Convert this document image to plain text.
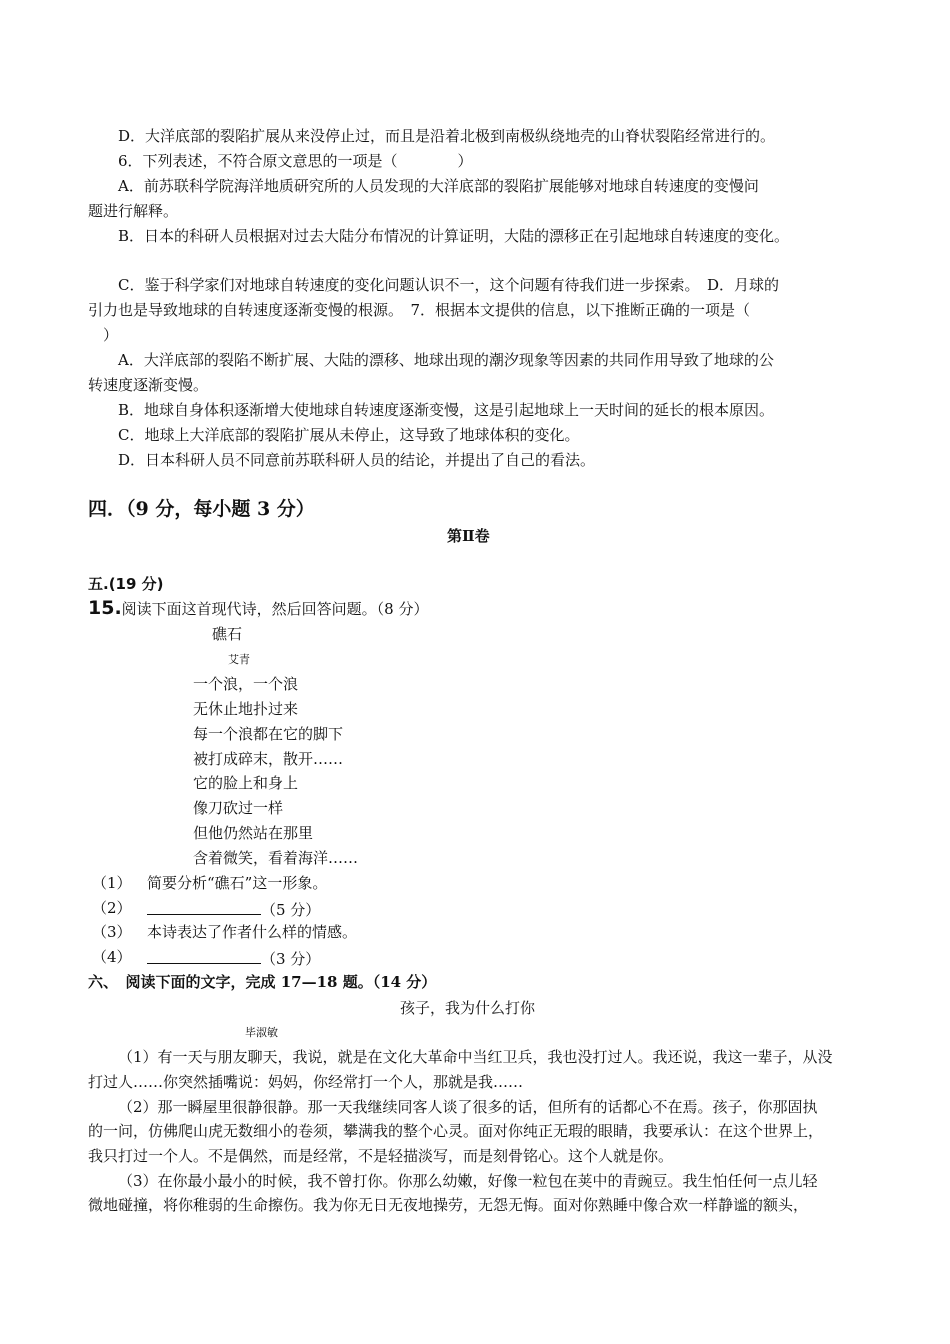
D．大洋底部的裂陷扩展从来没停止过，而且是沿着北极到南极纵绕地壳的山脊状裂陷经常进行的。
6．下列表述，不符合原文意思的一项是（　　　　）
A．前苏联科学院海洋地质研究所的人员发现的大洋底部的裂陷扩展能够对地球自转速度的变慢问
题进行解释。
B．日本的科研人员根据对过去大陆分布情况的计算证明，大陆的漂移正在引起地球自转速度的变化。
C．鉴于科学家们对地球自转速度的变化问题认识不一，这个问题有待我们进一步探索。　D．月球的
引力也是导致地球的自转速度逐渐变慢的根源。　7．根据本文提供的信息，以下推断正确的一项是（
）
A．大洋底部的裂陷不断扩展、大陆的漂移、地球出现的潮汐现象等因素的共同作用导致了地球的公
转速度逐渐变慢。
B．地球自身体积逐渐增大使地球自转速度逐渐变慢，这是引起地球上一天时间的延长的根本原因。
C．地球上大洋底部的裂陷扩展从未停止，这导致了地球体积的变化。
D．日本科研人员不同意前苏联科研人员的结论，并提出了自己的看法。
四．（9 分，每小题 3 分）
第Ⅱ卷
五.(19 分)
15.阅读下面这首现代诗，然后回答问题。（8 分）
礁石
艾青
一个浪，一个浪
无休止地扑过来
每一个浪都在它的脚下
被打成碎末，散开……
它的脸上和身上
像刀砍过一样
但他仍然站在那里
含着微笑，看着海洋……
（1） 简要分析“礁石”这一形象。
（2）	（5 分）
（3） 本诗表达了作者什么样的情感。
（4）	（3 分）
六、　阅读下面的文字，完成 17—18 题。（14 分）
孩子，我为什么打你
毕淑敏
（1）有一天与朋友聊天，我说，就是在文化大革命中当红卫兵，我也没打过人。我还说，我这一辈子，从没
打过人……你突然插嘴说：妈妈，你经常打一个人，那就是我……
（2）那一瞬屋里很静很静。那一天我继续同客人谈了很多的话，但所有的话都心不在焉。孩子，你那固执
的一问，仿佛爬山虎无数细小的卷须，攀满我的整个心灵。面对你纯正无瑕的眼睛，我要承认：在这个世界上，
我只打过一个人。不是偶然，而是经常，不是轻描淡写，而是刻骨铭心。这个人就是你。
（3）在你最小最小的时候，我不曾打你。你那么幼嫩，好像一粒包在荚中的青豌豆。我生怕任何一点儿轻
微地碰撞，将你稚弱的生命擦伤。我为你无日无夜地操劳，无怨无悔。面对你熟睡中像合欢一样静谧的额头，
